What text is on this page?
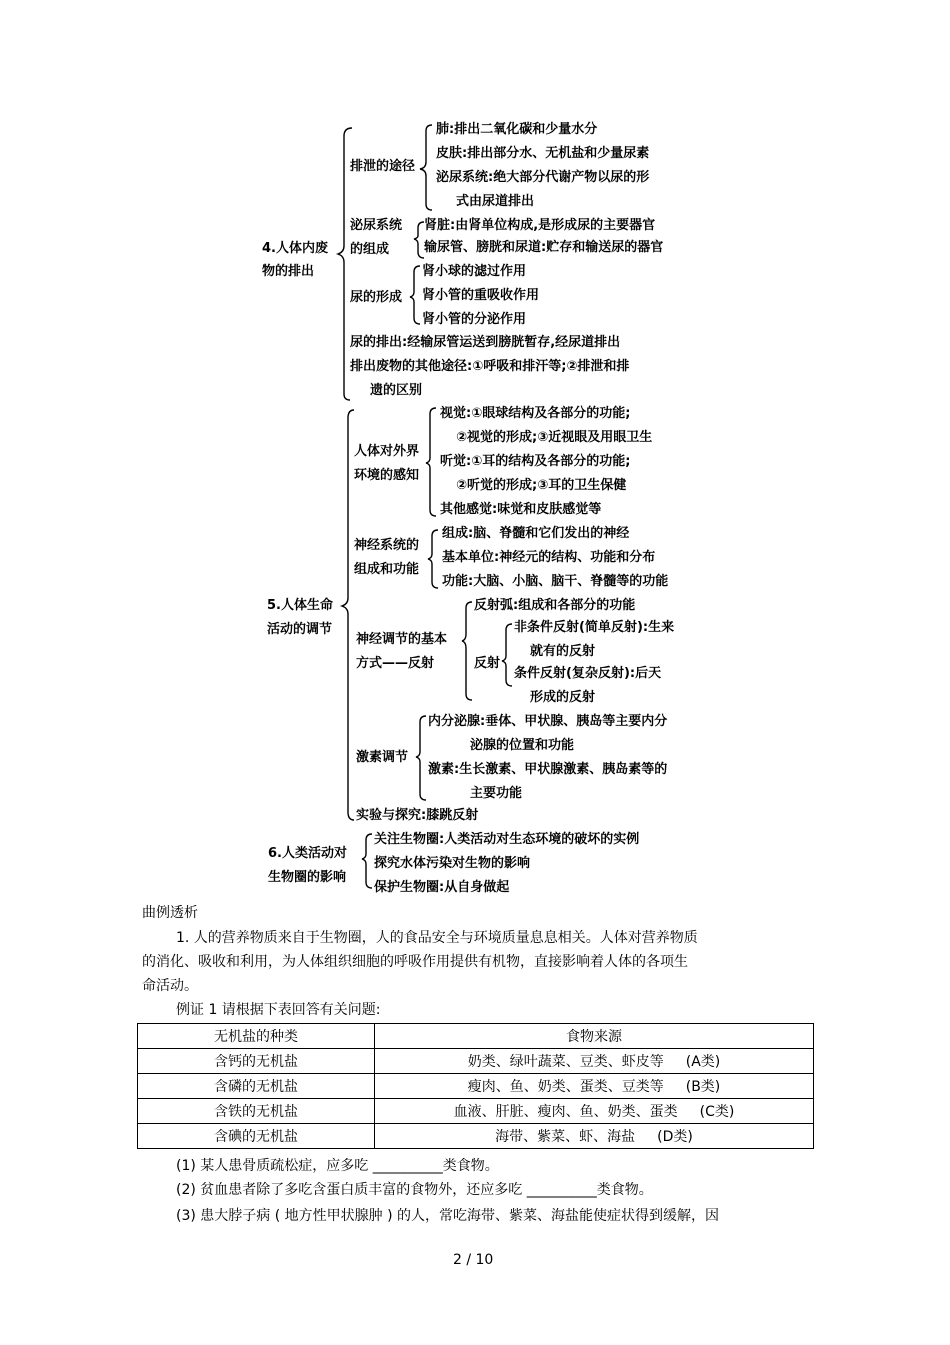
4.人体内废
物的排出
排泄的途径
肺:排出二氧化碳和少量水分
皮肤:排出部分水、无机盐和少量尿素
泌尿系统:绝大部分代谢产物以尿的形
式由尿道排出
泌尿系统
的组成
肾脏:由肾单位构成,是形成尿的主要器官
输尿管、膀胱和尿道:贮存和输送尿的器官
尿的形成
肾小球的滤过作用
肾小管的重吸收作用
肾小管的分泌作用
尿的排出:经输尿管运送到膀胱暂存,经尿道排出
排出废物的其他途径:①呼吸和排汗等;②排泄和排
遗的区别
5.人体生命
活动的调节
人体对外界
环境的感知
视觉:①眼球结构及各部分的功能;
②视觉的形成;③近视眼及用眼卫生
听觉:①耳的结构及各部分的功能;
②听觉的形成;③耳的卫生保健
其他感觉:味觉和皮肤感觉等
神经系统的
组成和功能
组成:脑、脊髓和它们发出的神经
基本单位:神经元的结构、功能和分布
功能:大脑、小脑、脑干、脊髓等的功能
神经调节的基本
方式——反射
反射弧:组成和各部分的功能
反射
非条件反射(简单反射):生来
就有的反射
条件反射(复杂反射):后天
形成的反射
激素调节
内分泌腺:垂体、甲状腺、胰岛等主要内分
泌腺的位置和功能
激素:生长激素、甲状腺激素、胰岛素等的
主要功能
实验与探究:膝跳反射
6.人类活动对
生物圈的影响
关注生物圈:人类活动对生态环境的破坏的实例
探究水体污染对生物的影响
保护生物圈:从自身做起
曲例透析
1. 人的营养物质来自于生物圈，人的食品安全与环境质量息息相关。人体对营养物质
的消化、吸收和利用，为人体组织细胞的呼吸作用提供有机物，直接影响着人体的各项生
命活动。
例证 1 请根据下表回答有关问题:
无机盐的种类	食物来源
含钙的无机盐	奶类、绿叶蔬菜、豆类、虾皮等 (A类)
含磷的无机盐	瘦肉、鱼、奶类、蛋类、豆类等 (B类)
含铁的无机盐	血液、肝脏、瘦肉、鱼、奶类、蛋类 (C类)
含碘的无机盐	海带、紫菜、虾、海盐 (D类)
(1) 某人患骨质疏松症，应多吃 __________类食物。
(2) 贫血患者除了多吃含蛋白质丰富的食物外，还应多吃 __________类食物。
(3) 患大脖子病 ( 地方性甲状腺肿 ) 的人，常吃海带、紫菜、海盐能使症状得到缓解，因
2 / 10
